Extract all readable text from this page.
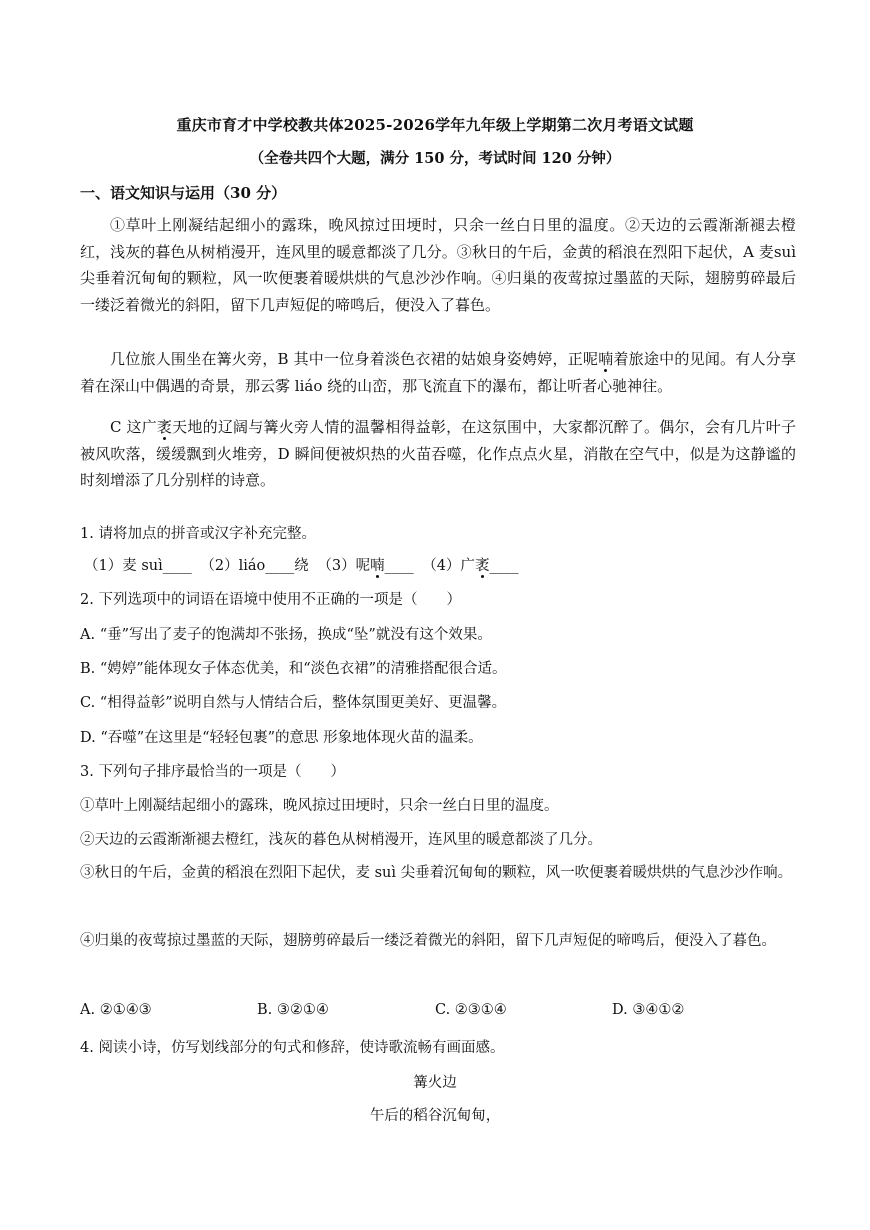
重庆市育才中学校教共体2025-2026学年九年级上学期第二次月考语文试题
（全卷共四个大题，满分 150 分，考试时间 120 分钟）
一、语文知识与运用（30 分）
①草叶上刚凝结起细小的露珠，晚风掠过田埂时，只余一丝白日里的温度。②天边的云霞渐渐褪去橙红，浅灰的暮色从树梢漫开，连风里的暖意都淡了几分。③秋日的午后，金黄的稻浪在烈阳下起伏，A 麦suì尖垂着沉甸甸的颗粒，风一吹便裹着暖烘烘的气息沙沙作响。④归巢的夜莺掠过墨蓝的天际，翅膀剪碎最后一缕泛着微光的斜阳，留下几声短促的啼鸣后，便没入了暮色。
几位旅人围坐在篝火旁，B 其中一位身着淡色衣裙的姑娘身姿娉婷，正呢喃着旅途中的见闻。有人分享着在深山中偶遇的奇景，那云雾 liáo 绕的山峦，那飞流直下的瀑布，都让听者心驰神往。
C 这广袤天地的辽阔与篝火旁人情的温馨相得益彰，在这氛围中，大家都沉醉了。偶尔，会有几片叶子被风吹落，缓缓飘到火堆旁，D 瞬间便被炽热的火苗吞噬，化作点点火星，消散在空气中，似是为这静谧的时刻增添了几分别样的诗意。
1. 请将加点的拼音或汉字补充完整。
（1）麦 suì____ （2）liáo____绕 （3）呢喃____ （4）广袤____
2. 下列选项中的词语在语境中使用不正确的一项是（　　）
A. “垂”写出了麦子的饱满却不张扬，换成“坠”就没有这个效果。
B. “娉婷”能体现女子体态优美，和“淡色衣裙”的清雅搭配很合适。
C. “相得益彰”说明自然与人情结合后，整体氛围更美好、更温馨。
D. “吞噬”在这里是“轻轻包裹”的意思 形象地体现火苗的温柔。
3. 下列句子排序最恰当的一项是（　　）
①草叶上刚凝结起细小的露珠，晚风掠过田埂时，只余一丝白日里的温度。
②天边的云霞渐渐褪去橙红，浅灰的暮色从树梢漫开，连风里的暖意都淡了几分。
③秋日的午后，金黄的稻浪在烈阳下起伏，麦 suì 尖垂着沉甸甸的颗粒，风一吹便裹着暖烘烘的气息沙沙作响。
④归巢的夜莺掠过墨蓝的天际，翅膀剪碎最后一缕泛着微光的斜阳，留下几声短促的啼鸣后，便没入了暮色。
A. ②①④③	B. ③②①④	C. ②③①④	D. ③④①②
4. 阅读小诗，仿写划线部分的句式和修辞，使诗歌流畅有画面感。
篝火边
午后的稻谷沉甸甸，
